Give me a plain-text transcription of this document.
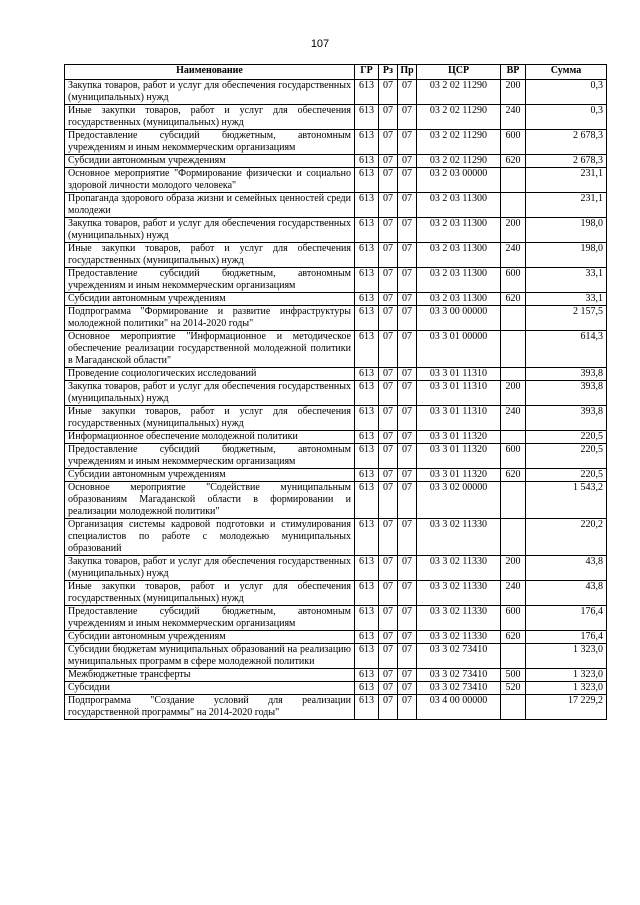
107
Наименование	ГР	Рз	Пр	ЦСР	ВР	Сумма
Закупка товаров, работ и услуг для обеспечения государственных (муниципальных) нужд	613	07	07	03 2 02 11290	200	0,3
Иные закупки товаров, работ и услуг для обеспечения государственных (муниципальных) нужд	613	07	07	03 2 02 11290	240	0,3
Предоставление субсидий бюджетным, автономным учреждениям и иным некоммерческим организациям	613	07	07	03 2 02 11290	600	2 678,3
Субсидии автономным учреждениям	613	07	07	03 2 02 11290	620	2 678,3
Основное мероприятие "Формирование физически и социально здоровой личности молодого человека"	613	07	07	03 2 03 00000		231,1
Пропаганда здорового образа жизни и семейных ценностей среди молодежи	613	07	07	03 2 03 11300		231,1
Закупка товаров, работ и услуг для обеспечения государственных (муниципальных) нужд	613	07	07	03 2 03 11300	200	198,0
Иные закупки товаров, работ и услуг для обеспечения государственных (муниципальных) нужд	613	07	07	03 2 03 11300	240	198,0
Предоставление субсидий бюджетным, автономным учреждениям и иным некоммерческим организациям	613	07	07	03 2 03 11300	600	33,1
Субсидии автономным учреждениям	613	07	07	03 2 03 11300	620	33,1
Подпрограмма "Формирование и развитие инфраструктуры молодежной политики" на 2014-2020 годы"	613	07	07	03 3 00 00000		2 157,5
Основное мероприятие "Информационное и методическое обеспечение реализации государственной молодежной политики в Магаданской области"	613	07	07	03 3 01 00000		614,3
Проведение социологических исследований	613	07	07	03 3 01 11310		393,8
Закупка товаров, работ и услуг для обеспечения государственных (муниципальных) нужд	613	07	07	03 3 01 11310	200	393,8
Иные закупки товаров, работ и услуг для обеспечения государственных (муниципальных) нужд	613	07	07	03 3 01 11310	240	393,8
Информационное обеспечение молодежной политики	613	07	07	03 3 01 11320		220,5
Предоставление субсидий бюджетным, автономным учреждениям и иным некоммерческим организациям	613	07	07	03 3 01 11320	600	220,5
Субсидии автономным учреждениям	613	07	07	03 3 01 11320	620	220,5
Основное мероприятие "Содействие муниципальным образованиям Магаданской области в формировании и реализации молодежной политики"	613	07	07	03 3 02 00000		1 543,2
Организация системы кадровой подготовки и стимулирования специалистов по работе с молодежью муниципальных образований	613	07	07	03 3 02 11330		220,2
Закупка товаров, работ и услуг для обеспечения государственных (муниципальных) нужд	613	07	07	03 3 02 11330	200	43,8
Иные закупки товаров, работ и услуг для обеспечения государственных (муниципальных) нужд	613	07	07	03 3 02 11330	240	43,8
Предоставление субсидий бюджетным, автономным учреждениям и иным некоммерческим организациям	613	07	07	03 3 02 11330	600	176,4
Субсидии автономным учреждениям	613	07	07	03 3 02 11330	620	176,4
Субсидии бюджетам муниципальных образований на реализацию муниципальных программ в сфере молодежной политики	613	07	07	03 3 02 73410		1 323,0
Межбюджетные трансферты	613	07	07	03 3 02 73410	500	1 323,0
Субсидии	613	07	07	03 3 02 73410	520	1 323,0
Подпрограмма "Создание условий для реализации государственной программы" на 2014-2020 годы"	613	07	07	03 4 00 00000		17 229,2
